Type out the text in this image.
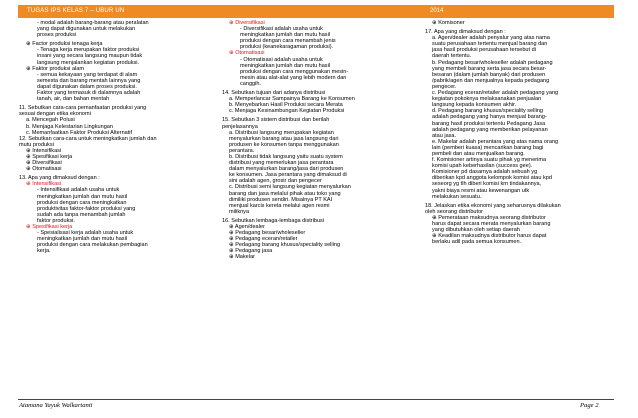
TUGAS IPS KELAS 7 – UBUR UN	2014
- modal adalah barang-barang atau peralatan
yang dapat digunakan untuk melakukan
proses produksi
⊕ Factor produksi tenaga kerja
- Tenaga kerja merupakan faktor produksi
insani yang secara langsung maupun tidak
langsung menjalankan kegiatan produksi.
⊕ Faktor produksi alam
- semua kekayaan yang terdapat di alam
semesta dan barang mentah lainnya yang
dapat digunakan dalam proses produksi.
Faktor yang termasuk di dalamnya adalah
tanah, air, dan bahan mentah
11. Sebutkan cara-cara pemanfaatan produksi yang
sesuai dengan etika ekonomi
a. Mencegah Polusi
b. Menjaga Kelestarian Lingkungan
c. Memanfaatkan Faktor Produksi Alternatif
12. Sebutkan cara-cara untuk meningkatkan jumlah dan
mutu produksi
⊕ Intensifikasi
⊕ Spesifikasi kerja
⊕ Diversifikasi
⊕ Otomatisasi
13. Apa yang dimaksud dengan :
⊕ Intensifikasi
- Intensifikasi adalah usaha untuk
meningkatkan jumlah dan mutu hasil
produksi dengan cara meningkatkan
produktivitas faktor-faktor produksi yang
sudah ada tanpa menambah jumlah
faktor produksi.
⊕ Spesifikasi kerja
- Spesialisasi kerja adalah usaha untuk
meningkatkan jumlah dan mutu hasil
produksi dengan cara melakukan pembagian
kerja.
⊕ Diversifikasi
- Diversifikasi adalah usaha untuk
meningkatkan jumlah dan mutu hasil
produksi dengan cara menambah jenis
produksi (keanekaragaman produksi).
⊕ Otomatisasi
- Otomatisasi adalah usaha untuk
meningkatkan jumlah dan mutu hasil
produksi dengan cara menggunakan mesin-
mesin atau alat-alat yang lebih modern dan
canggih.
14. Sebutkan tujuan dari adanya distribusi
a. Memperlancar Sampainya Barang ke Konsumen
b. Menyebarkan Hasil Produksi secara Merata
c. Menjaga Kesinambungan Kegiatan Produksi
15. Sebutkan 3 sistem distribusi dan berilah
penjelasannya
a. Distribusi langsung merupakan kegiatan
menyalurkan barang atau jasa langsung dari
produsen ke konsumen tanpa menggunakan
perantara.
b. Distribusi tidak langsung yaitu suatu system
distribusi yang memerlukan jasa perantara
dalam menyalurkan barang/jasa dari produsen
ke konsumen. Jasa perantara yang dimaksud di
sini adalah agen, grosir dan pengecer
c. Distribusi semi langsung kegiatan menyalurkan
barang dan jasa melalui pihak atau toko yang
dimiliki produsen sendiri. Misalnya PT KAI
menjual karcis kereta melalui agen resmi
miliknya
16. Sebutkan lembaga-lembaga distribusi
⊕ Agen/dealer
⊕ Pedagang besar/wholeseller
⊕ Pedagang eceran/retailer
⊕ Pedagang barang khusus/speciality selling
⊕ Pedagang jasa
⊕ Makelar
⊕ Komisoner
17. Apa yang dimaksud dengan :
a. Agen/dealer adalah penyalur yang atas nama
suatu perusahaan tertentu menjual barang dan
jasa hasil produksi perusahaan tersebut di
daerah tertentu.
b. Pedagang besar/wholeseller adalah pedagang
yang membeli barang serta jasa secara besar-
besaran (dalam jumlah banyak) dari produsen
/pabrik/agen dan menjualnya kepada pedagang
pengecer.
c. Pedagang eceran/retailer adalah pedagang yang
kegiatan pokoknya melaksanakan penjualan
langsung kepada konsumen akhir.
d. Pedagang barang khusus/speciality selling
adalah pedagang yang hanya menjual barang-
barang hasil produksi tertentu Pedagang Jasa
adalah pedagang yang memberikan pelayanan
atau jasa.
e. Makelar adalah perantara yang atas nama orang
lain (pemberi kuasa) mencarikan barang bagi
pembeli dan atau menjualkan barang.
f. Komisioner artinya suatu pihak yg menerima
komisi upah keberhasilan (success gee).
Komisioner pd dasarnya adalah sebuah yg
diberikan kpd anggota kelompok komisi atau kpd
seseorg yg tlh diberi komisi krn tindakannya,
yakni biaya resmi atau kewenangan utk
melakukan sesuatu.
18. Jelaskan etika ekonomi yang seharusnya dilakukan
oleh seorang distributor
⊕ Pemerataan maksudnya seorang distributor
harus dapat secara merata menyalurkan barang
yang dibutuhkan oleh setiap daerah
⊕ Keadilan maksudnya distributor harus dapat
berlaku adil pada semua konsumen.
Atamana Yayuk Walkartanti	Page 2
